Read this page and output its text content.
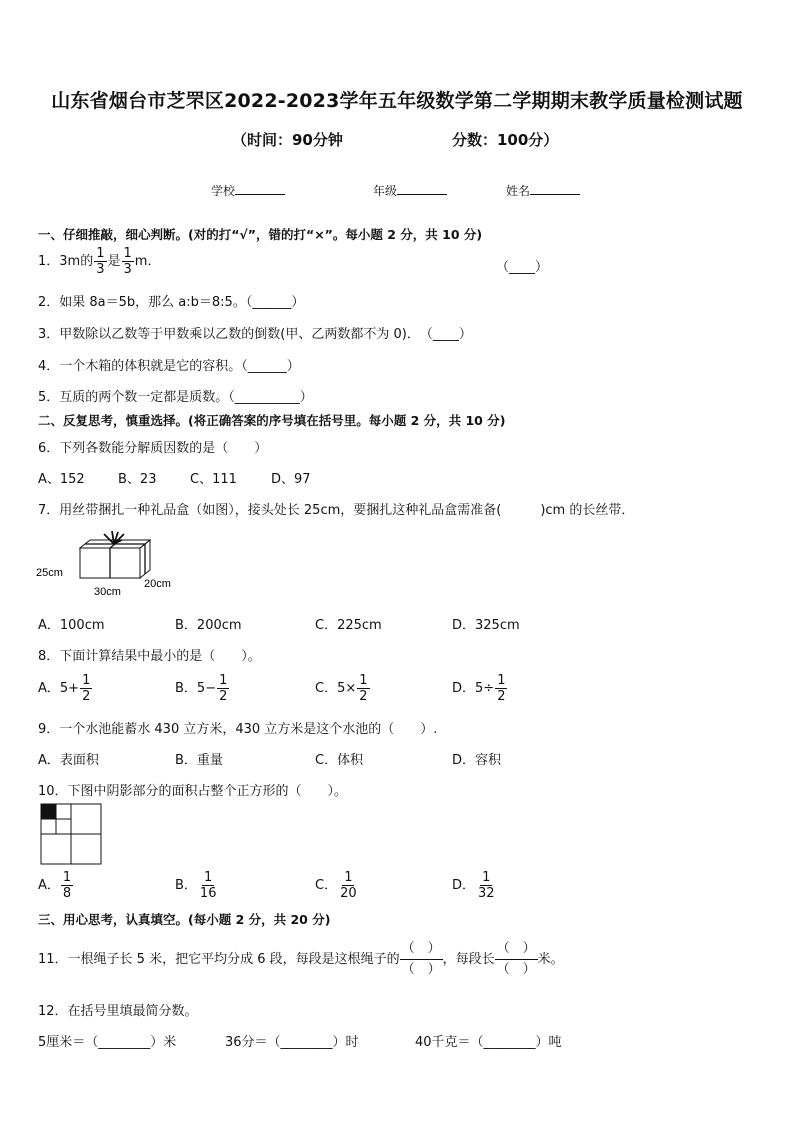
山东省烟台市芝罘区2022-2023学年五年级数学第二学期期末教学质量检测试题
（时间：90分钟	分数：100分）
学校	年级	姓名
一、仔细推敲，细心判断。(对的打“√”，错的打“×”。每小题 2 分，共 10 分)
1．3m的 $\frac{1}{3}$ 是 $\frac{1}{3}$ m．	（____）
2．如果 8a＝5b，那么 a:b＝8:5。（______）
3．甲数除以乙数等于甲数乘以乙数的倒数(甲、乙两数都不为 0)．　（____）
4．一个木箱的体积就是它的容积。（______）
5．互质的两个数一定都是质数。（__________）
二、反复思考，慎重选择。(将正确答案的序号填在括号里。每小题 2 分，共 10 分)
6．下列各数能分解质因数的是（　　）
A、152	B、23	C、111	D、97
7．用丝带捆扎一种礼品盒（如图），接头处长 25cm，要捆扎这种礼品盒需准备(　　　)cm 的长丝带．
25cm
30cm
20cm
A．100cm	B．200cm	C．225cm	D．325cm
8．下面计算结果中最小的是（　　）。
A．$5+ \frac{1}{2}$	B．$5- \frac{1}{2}$	C．$5\times \frac{1}{2}$	D．$5\div \frac{1}{2}$
9．一个水池能蓄水 430 立方米，430 立方米是这个水池的（　　）.
A．表面积	B．重量	C．体积	D．容积
10．下图中阴影部分的面积占整个正方形的（　　）。
A． $\frac{1}{8}$	B． $\frac{1}{16}$	C． $\frac{1}{20}$	D． $\frac{1}{32}$
三、用心思考，认真填空。(每小题 2 分，共 20 分)
11．一根绳子长 5 米，把它平均分成 6 段，每段是这根绳子的
（　）
（　）
，每段长
（　）
（　）
米。
12．在括号里填最简分数。
5厘米＝（________）米	36分＝（________）时	40千克＝（________）吨
